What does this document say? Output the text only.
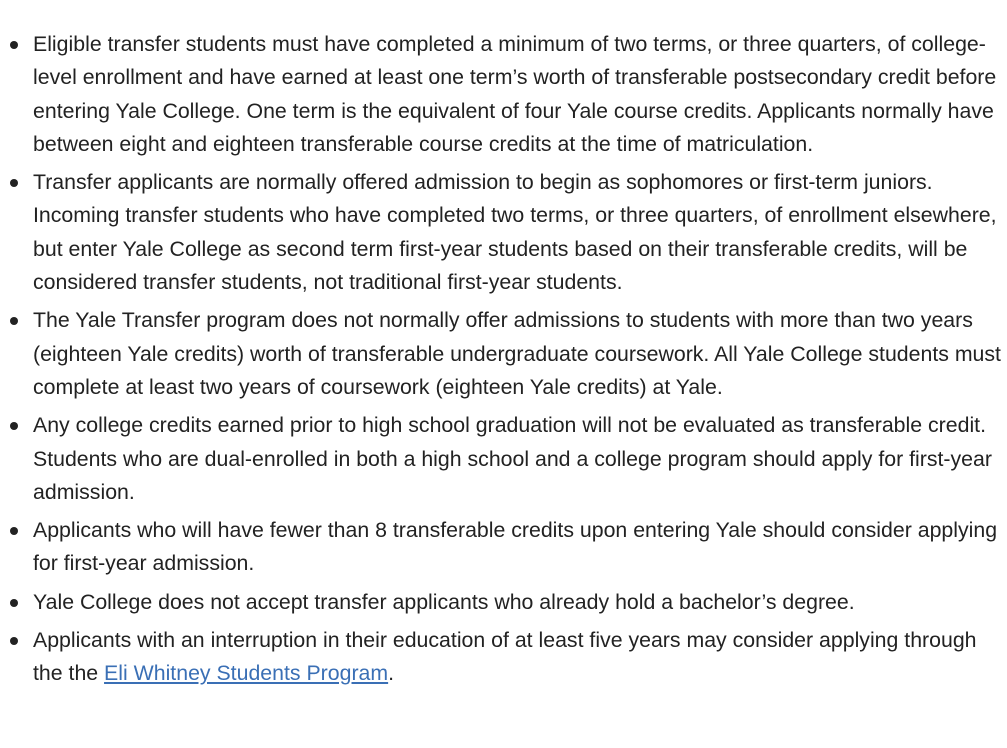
Eligible transfer students must have completed a minimum of two terms, or three quarters, of college-level enrollment and have earned at least one term’s worth of transferable postsecondary credit before entering Yale College. One term is the equivalent of four Yale course credits. Applicants normally have between eight and eighteen transferable course credits at the time of matriculation.
Transfer applicants are normally offered admission to begin as sophomores or first-term juniors. Incoming transfer students who have completed two terms, or three quarters, of enrollment elsewhere, but enter Yale College as second term first-year students based on their transferable credits, will be considered transfer students, not traditional first-year students.
The Yale Transfer program does not normally offer admissions to students with more than two years (eighteen Yale credits) worth of transferable undergraduate coursework. All Yale College students must complete at least two years of coursework (eighteen Yale credits) at Yale.
Any college credits earned prior to high school graduation will not be evaluated as transferable credit. Students who are dual-enrolled in both a high school and a college program should apply for first-year admission.
Applicants who will have fewer than 8 transferable credits upon entering Yale should consider applying for first-year admission.
Yale College does not accept transfer applicants who already hold a bachelor’s degree.
Applicants with an interruption in their education of at least five years may consider applying through the the Eli Whitney Students Program.
